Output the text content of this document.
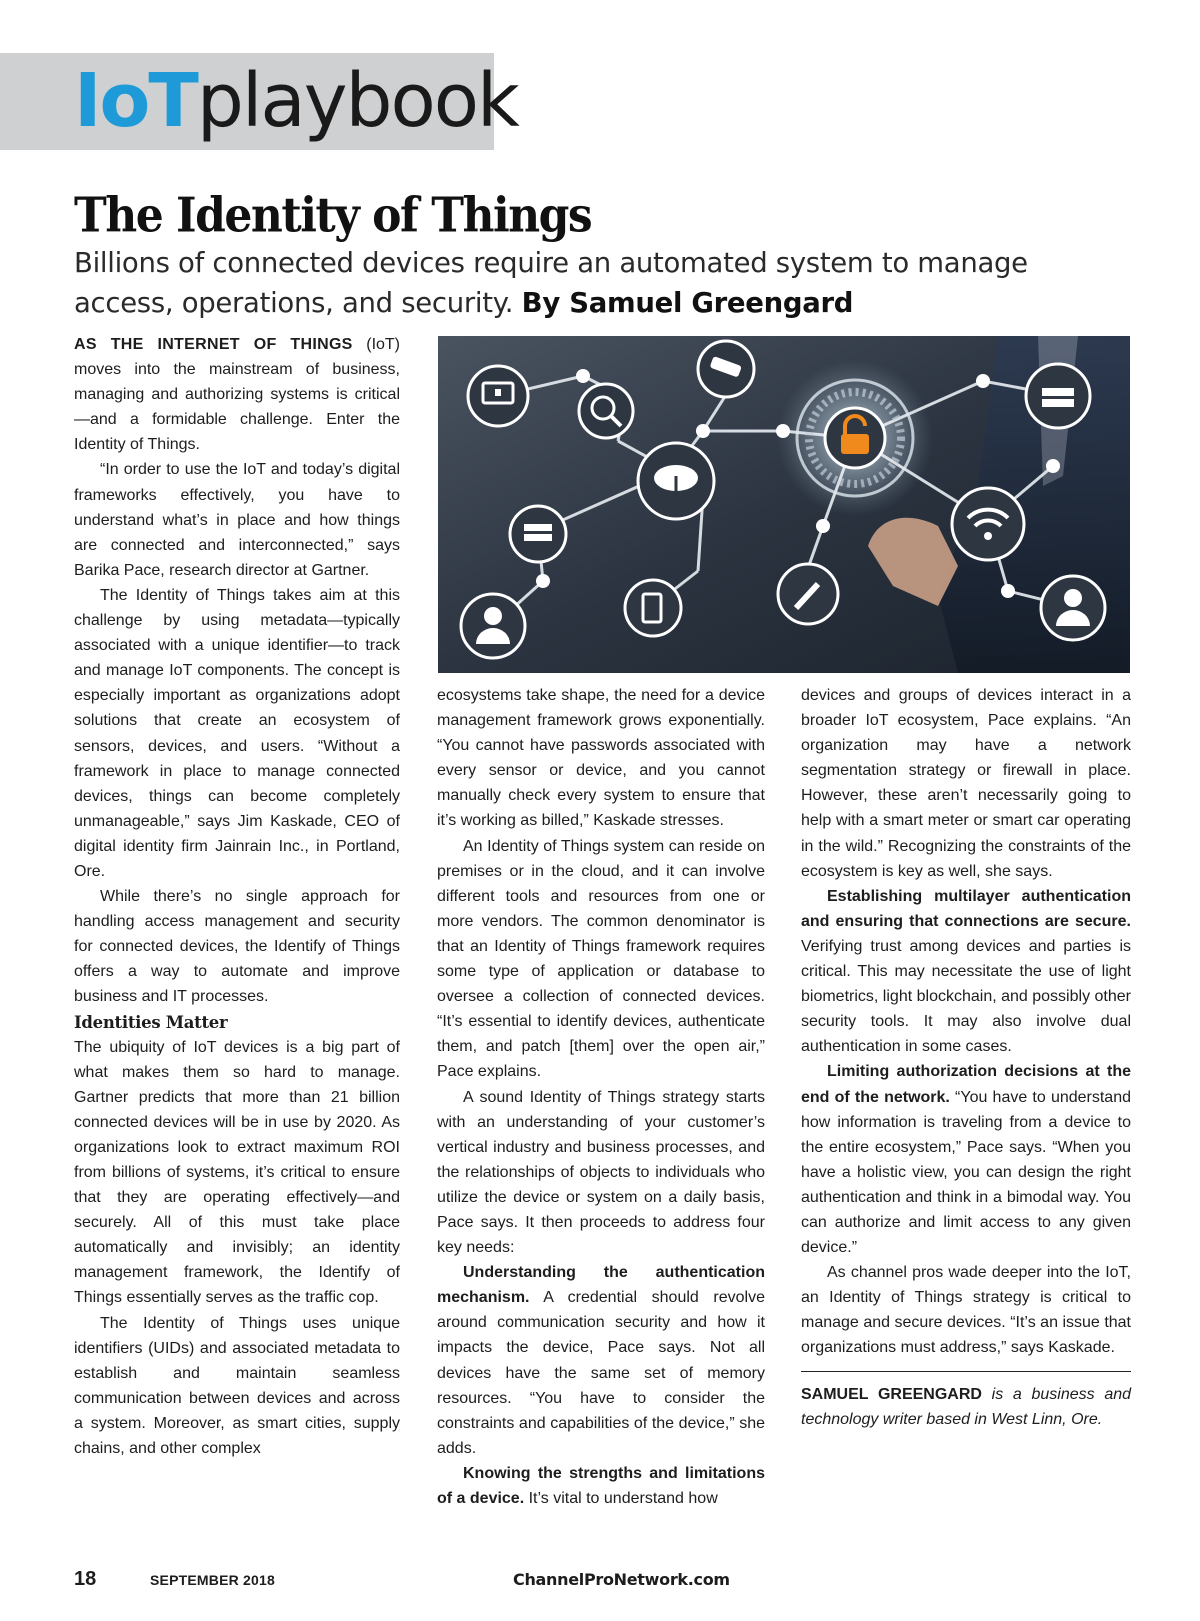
IoTplaybook
The Identity of Things

Billions of connected devices require an automated system to manage access, operations, and security. By Samuel Greengard

AS THE INTERNET OF THINGS (IoT) moves into the mainstream of business, managing and authorizing systems is critical—and a formidable challenge. Enter the Identity of Things.

“In order to use the IoT and today’s digital frameworks effectively, you have to understand what’s in place and how things are connected and interconnected,” says Barika Pace, research director at Gartner.

The Identity of Things takes aim at this challenge by using metadata—typically associated with a unique identifier—to track and manage IoT components. The concept is especially important as organizations adopt solutions that create an ecosystem of sensors, devices, and users. “Without a framework in place to manage connected devices, things can become completely unmanageable,” says Jim Kaskade, CEO of digital identity firm Jainrain Inc., in Portland, Ore.

While there’s no single approach for handling access management and security for connected devices, the Identify of Things offers a way to automate and improve business and IT processes.

Identities Matter

The ubiquity of IoT devices is a big part of what makes them so hard to manage. Gartner predicts that more than 21 billion connected devices will be in use by 2020. As organizations look to extract maximum ROI from billions of systems, it’s critical to ensure that they are operating effectively—and securely. All of this must take place automatically and invisibly; an identity management framework, the Identify of Things essentially serves as the traffic cop.

The Identity of Things uses unique identifiers (UIDs) and associated metadata to establish and maintain seamless communication between devices and across a system. Moreover, as smart cities, supply chains, and other complex

ecosystems take shape, the need for a device management framework grows exponentially. “You cannot have passwords associated with every sensor or device, and you cannot manually check every system to ensure that it’s working as billed,” Kaskade stresses.

An Identity of Things system can reside on premises or in the cloud, and it can involve different tools and resources from one or more vendors. The common denominator is that an Identity of Things framework requires some type of application or database to oversee a collection of connected devices. “It’s essential to identify devices, authenticate them, and patch [them] over the open air,” Pace explains.

A sound Identity of Things strategy starts with an understanding of your customer’s vertical industry and business processes, and the relationships of objects to individuals who utilize the device or system on a daily basis, Pace says. It then proceeds to address four key needs:

Understanding the authentication mechanism. A credential should revolve around communication security and how it impacts the device, Pace says. Not all devices have the same set of memory resources. “You have to consider the constraints and capabilities of the device,” she adds.

Knowing the strengths and limitations of a device. It’s vital to understand how

devices and groups of devices interact in a broader IoT ecosystem, Pace explains. “An organization may have a network segmentation strategy or firewall in place. However, these aren’t necessarily going to help with a smart meter or smart car operating in the wild.” Recognizing the constraints of the ecosystem is key as well, she says.

Establishing multilayer authentication and ensuring that connections are secure. Verifying trust among devices and parties is critical. This may necessitate the use of light biometrics, light blockchain, and possibly other security tools. It may also involve dual authentication in some cases.

Limiting authorization decisions at the end of the network. “You have to understand how information is traveling from a device to the entire ecosystem,” Pace says. “When you have a holistic view, you can design the right authentication and think in a bimodal way. You can authorize and limit access to any given device.”

As channel pros wade deeper into the IoT, an Identity of Things strategy is critical to manage and secure devices. “It’s an issue that organizations must address,” says Kaskade.

SAMUEL GREENGARD is a business and technology writer based in West Linn, Ore.

18	SEPTEMBER 2018	ChannelProNetwork.com
